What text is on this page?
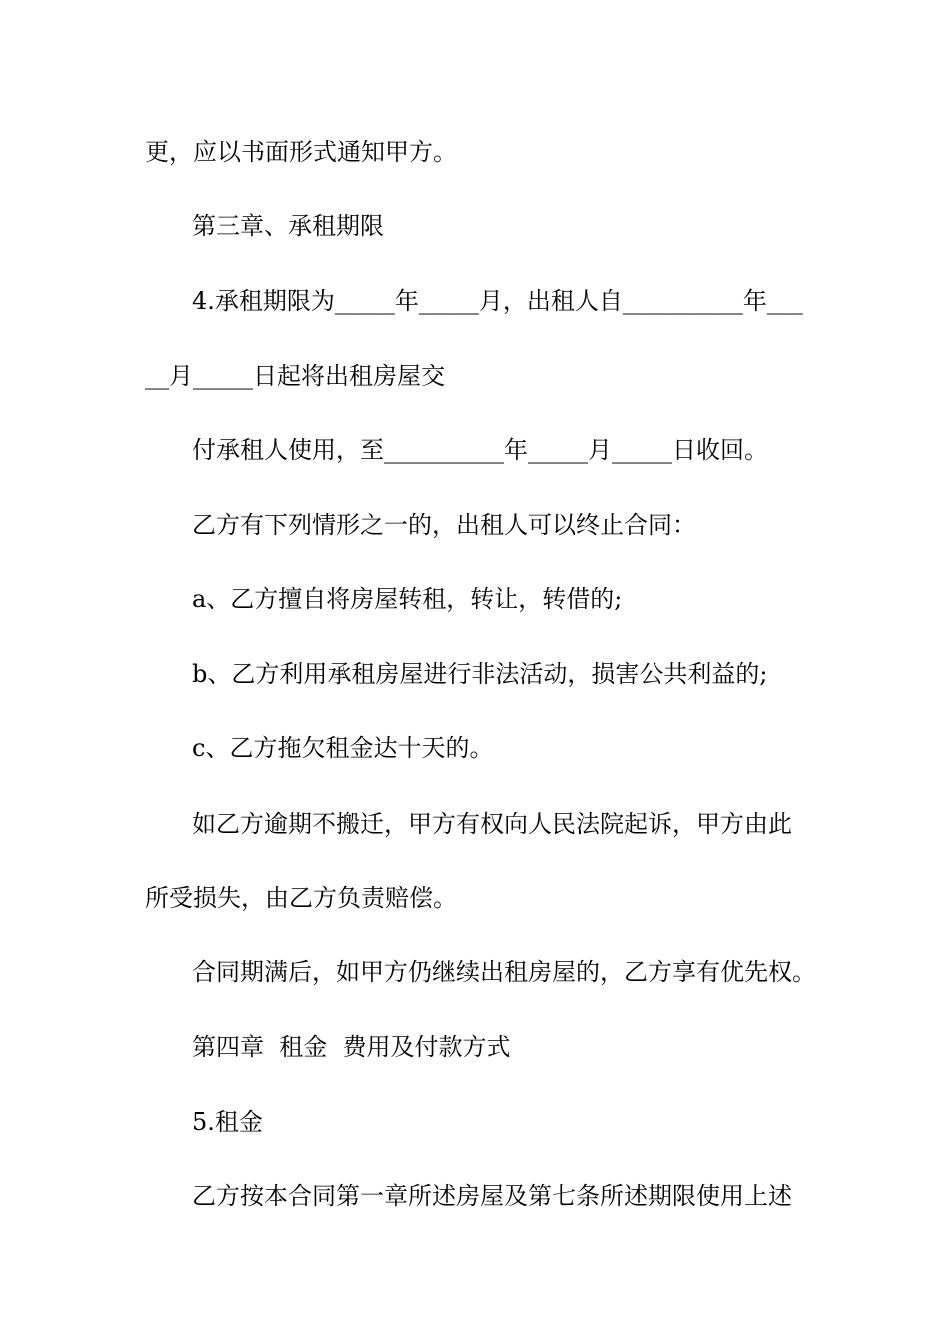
更，应以书面形式通知甲方。
第三章、承租期限
4.承租期限为_____年_____月，出租人自__________年___
__月_____日起将出租房屋交
付承租人使用，至__________年_____月_____日收回。
乙方有下列情形之一的，出租人可以终止合同：
a、乙方擅自将房屋转租，转让，转借的;
b、乙方利用承租房屋进行非法活动，损害公共利益的;
c、乙方拖欠租金达十天的。
如乙方逾期不搬迁，甲方有权向人民法院起诉，甲方由此
所受损失，由乙方负责赔偿。
合同期满后，如甲方仍继续出租房屋的，乙方享有优先权。
第四章  租金  费用及付款方式
5.租金
乙方按本合同第一章所述房屋及第七条所述期限使用上述
